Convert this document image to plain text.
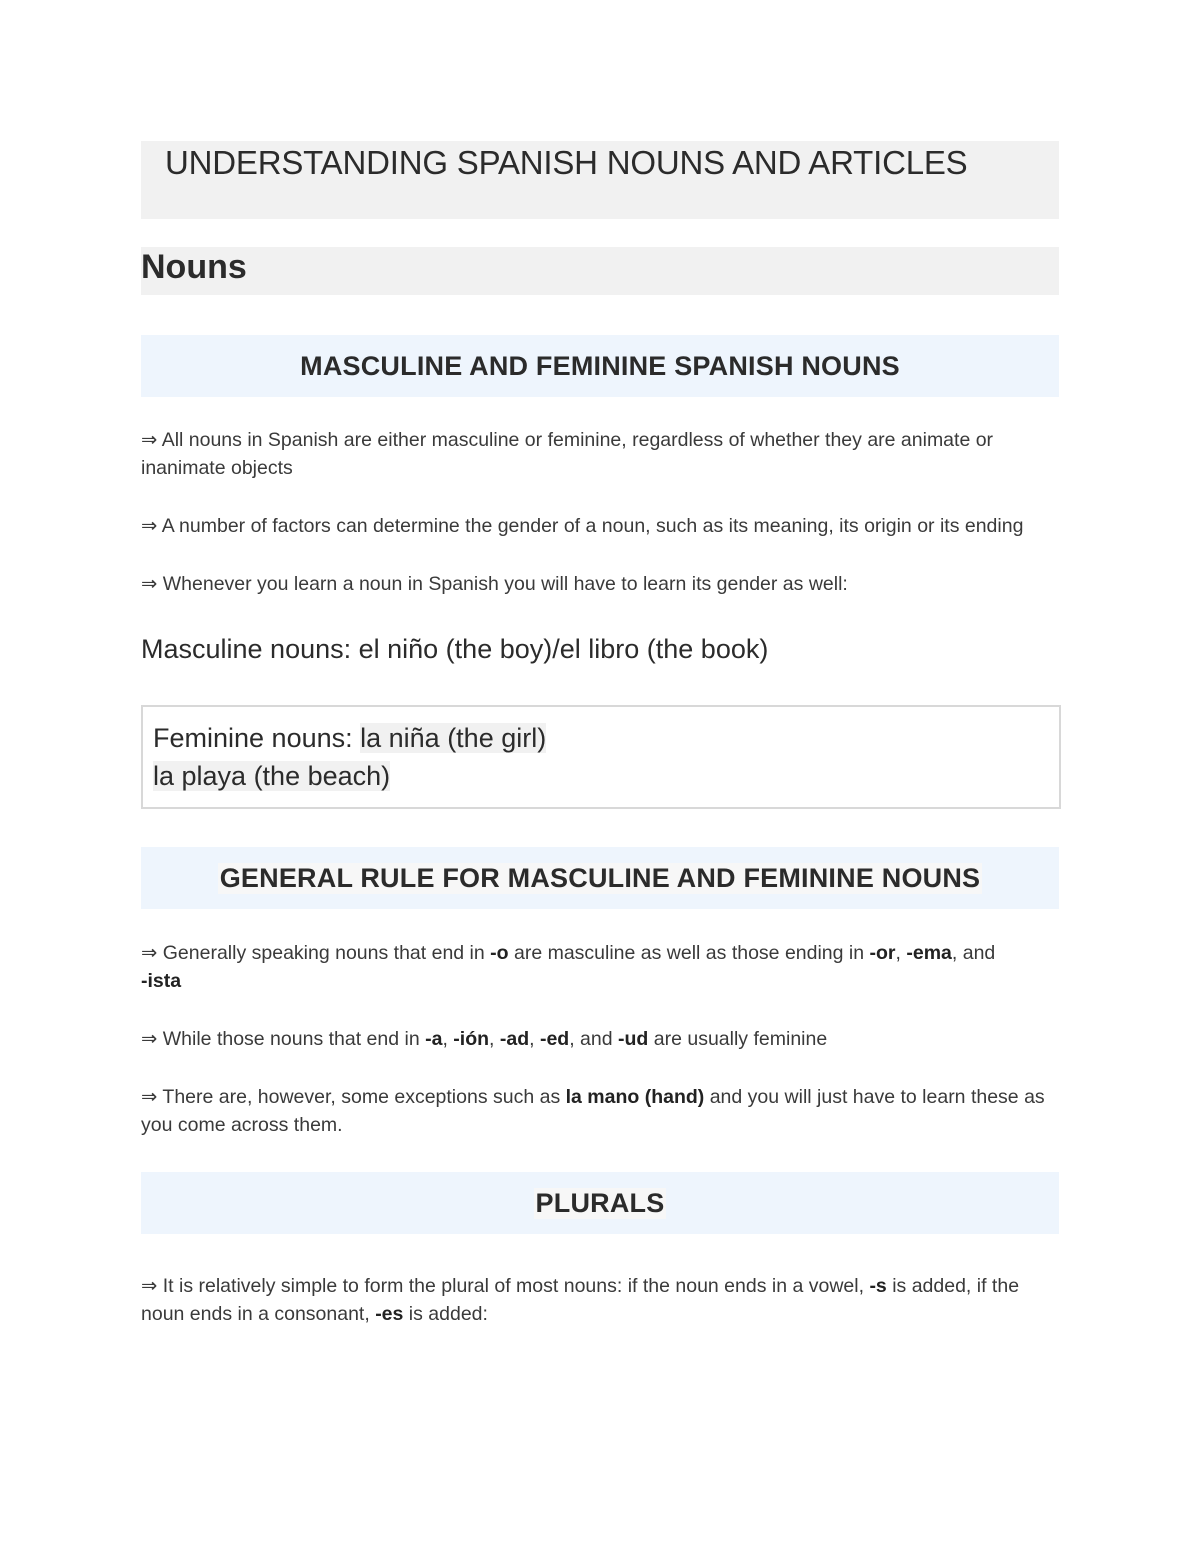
UNDERSTANDING SPANISH NOUNS AND ARTICLES
Nouns
MASCULINE AND FEMININE SPANISH NOUNS

⇒ All nouns in Spanish are either masculine or feminine, regardless of whether they are animate or inanimate objects

⇒ A number of factors can determine the gender of a noun, such as its meaning, its origin or its ending

⇒ Whenever you learn a noun in Spanish you will have to learn its gender as well:

Masculine nouns: el niño (the boy)/el libro (the book)
Feminine nouns: la niña (the girl)
la playa (the beach)
GENERAL RULE FOR MASCULINE AND FEMININE NOUNS

⇒ Generally speaking nouns that end in -o are masculine as well as those ending in -or, -ema, and
-ista

⇒ While those nouns that end in -a, -ión, -ad, -ed, and -ud are usually feminine

⇒ There are, however, some exceptions such as la mano (hand) and you will just have to learn these as you come across them.

PLURALS

⇒ It is relatively simple to form the plural of most nouns: if the noun ends in a vowel, -s is added, if the noun ends in a consonant, -es is added:
